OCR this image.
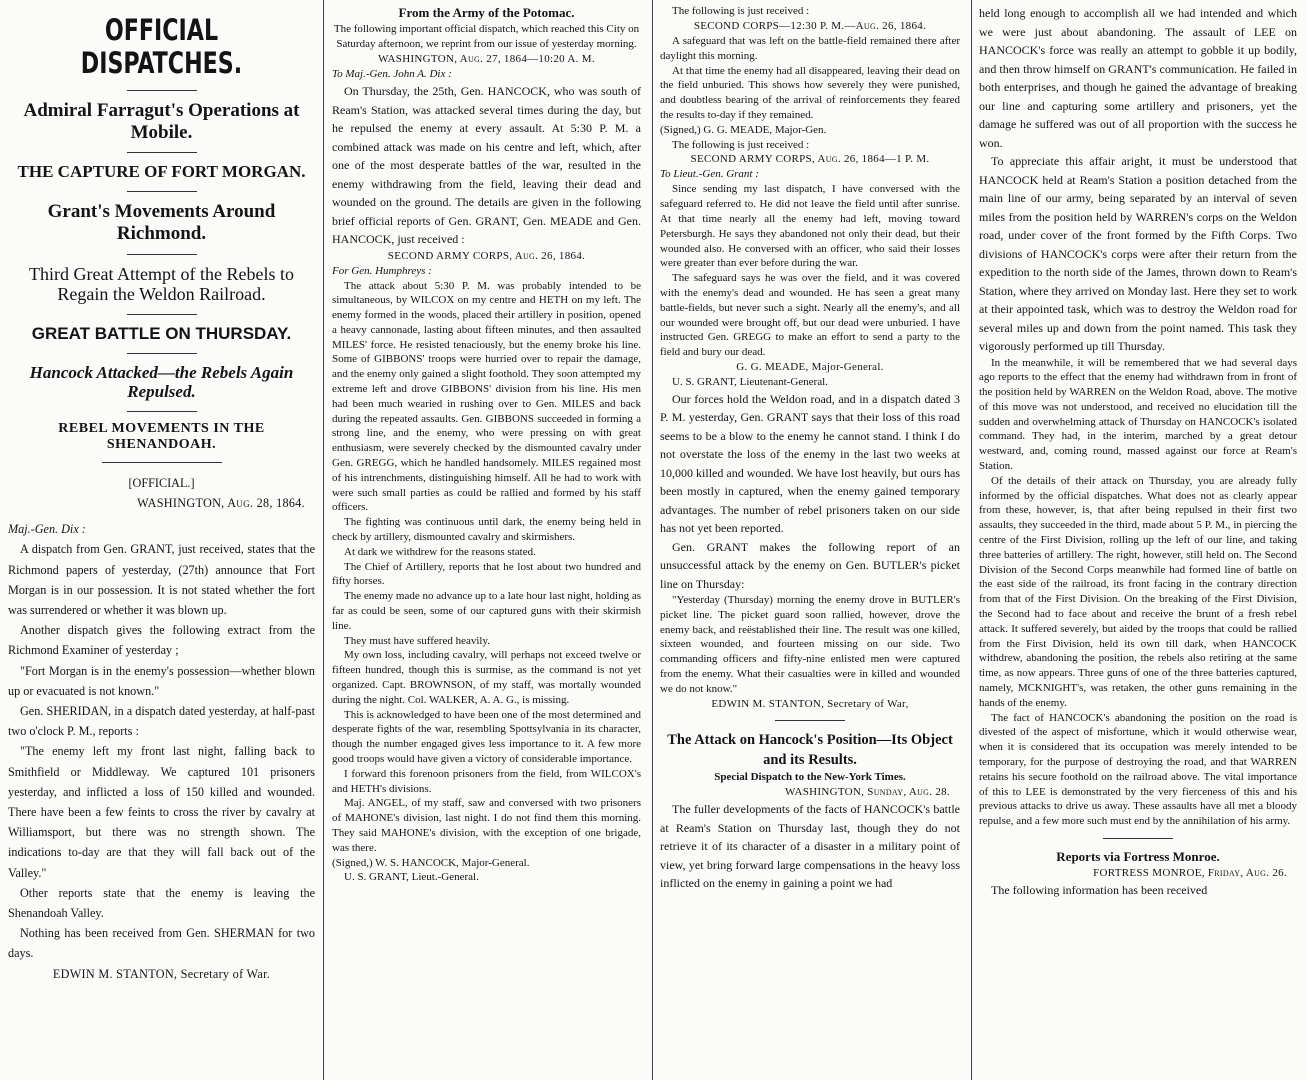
OFFICIAL DISPATCHES.
Admiral Farragut's Operations at Mobile.
THE CAPTURE OF FORT MORGAN.
Grant's Movements Around Richmond.
Third Great Attempt of the Rebels to Regain the Weldon Railroad.
GREAT BATTLE ON THURSDAY.
Hancock Attacked—the Rebels Again Repulsed.
REBEL MOVEMENTS IN THE SHENANDOAH.

[OFFICIAL.]

WASHINGTON, Aug. 28, 1864.

Maj.-Gen. Dix :

A dispatch from Gen. GRANT, just received, states that the Richmond papers of yesterday, (27th) announce that Fort Morgan is in our possession. It is not stated whether the fort was surrendered or whether it was blown up.

Another dispatch gives the following extract from the Richmond Examiner of yesterday ;

"Fort Morgan is in the enemy's possession—whether blown up or evacuated is not known."

Gen. SHERIDAN, in a dispatch dated yesterday, at half-past two o'clock P. M., reports :

"The enemy left my front last night, falling back to Smithfield or Middleway. We captured 101 prisoners yesterday, and inflicted a loss of 150 killed and wounded. There have been a few feints to cross the river by cavalry at Williamsport, but there was no strength shown. The indications to-day are that they will fall back out of the Valley."

Other reports state that the enemy is leaving the Shenandoah Valley.

Nothing has been received from Gen. SHERMAN for two days.

EDWIN M. STANTON, Secretary of War.

From the Army of the Potomac.

The following important official dispatch, which reached this City on Saturday afternoon, we reprint from our issue of yesterday morning.

WASHINGTON, Aug. 27, 1864—10:20 A. M.

To Maj.-Gen. John A. Dix :

On Thursday, the 25th, Gen. HANCOCK, who was south of Ream's Station, was attacked several times during the day, but he repulsed the enemy at every assault. At 5:30 P. M. a combined attack was made on his centre and left, which, after one of the most desperate battles of the war, resulted in the enemy withdrawing from the field, leaving their dead and wounded on the ground. The details are given in the following brief official reports of Gen. GRANT, Gen. MEADE and Gen. HANCOCK, just received :

SECOND ARMY CORPS, Aug. 26, 1864.

For Gen. Humphreys :

The attack about 5:30 P. M. was probably intended to be simultaneous, by WILCOX on my centre and HETH on my left. The enemy formed in the woods, placed their artillery in position, opened a heavy cannonade, lasting about fifteen minutes, and then assaulted MILES' force. He resisted tenaciously, but the enemy broke his line. Some of GIBBONS' troops were hurried over to repair the damage, and the enemy only gained a slight foothold. They soon attempted my extreme left and drove GIBBONS' division from his line. His men had been much wearied in rushing over to Gen. MILES and back during the repeated assaults. Gen. GIBBONS succeeded in forming a strong line, and the enemy, who were pressing on with great enthusiasm, were severely checked by the dismounted cavalry under Gen. GREGG, which he handled handsomely. MILES regained most of his intrenchments, distinguishing himself. All he had to work with were such small parties as could be rallied and formed by his staff officers.

The fighting was continuous until dark, the enemy being held in check by artillery, dismounted cavalry and skirmishers.

At dark we withdrew for the reasons stated.

The Chief of Artillery, reports that he lost about two hundred and fifty horses.

The enemy made no advance up to a late hour last night, holding as far as could be seen, some of our captured guns with their skirmish line.

They must have suffered heavily.

My own loss, including cavalry, will perhaps not exceed twelve or fifteen hundred, though this is surmise, as the command is not yet organized. Capt. BROWNSON, of my staff, was mortally wounded during the night. Col. WALKER, A. A. G., is missing.

This is acknowledged to have been one of the most determined and desperate fights of the war, resembling Spottsylvania in its character, though the number engaged gives less importance to it. A few more good troops would have given a victory of considerable importance.

I forward this forenoon prisoners from the field, from WILCOX's and HETH's divisions.

Maj. ANGEL, of my staff, saw and conversed with two prisoners of MAHONE's division, last night. I do not find them this morning. They said MAHONE's division, with the exception of one brigade, was there.

(Signed,) W. S. HANCOCK, Major-General.

U. S. GRANT, Lieut.-General.

The following is just received :

SECOND CORPS—12:30 P. M.—Aug. 26, 1864.

A safeguard that was left on the battle-field remained there after daylight this morning.

At that time the enemy had all disappeared, leaving their dead on the field unburied. This shows how severely they were punished, and doubtless bearing of the arrival of reinforcements they feared the results to-day if they remained.

(Signed,) G. G. MEADE, Major-Gen.

The following is just received :

SECOND ARMY CORPS, Aug. 26, 1864—1 P. M.

To Lieut.-Gen. Grant :

Since sending my last dispatch, I have conversed with the safeguard referred to. He did not leave the field until after sunrise. At that time nearly all the enemy had left, moving toward Petersburgh. He says they abandoned not only their dead, but their wounded also. He conversed with an officer, who said their losses were greater than ever before during the war.

The safeguard says he was over the field, and it was covered with the enemy's dead and wounded. He has seen a great many battle-fields, but never such a sight. Nearly all the enemy's, and all our wounded were brought off, but our dead were unburied. I have instructed Gen. GREGG to make an effort to send a party to the field and bury our dead.

G. G. MEADE, Major-General.

U. S. GRANT, Lieutenant-General.

Our forces hold the Weldon road, and in a dispatch dated 3 P. M. yesterday, Gen. GRANT says that their loss of this road seems to be a blow to the enemy he cannot stand. I think I do not overstate the loss of the enemy in the last two weeks at 10,000 killed and wounded. We have lost heavily, but ours has been mostly in captured, when the enemy gained temporary advantages. The number of rebel prisoners taken on our side has not yet been reported.

Gen. GRANT makes the following report of an unsuccessful attack by the enemy on Gen. BUTLER's picket line on Thursday:

"Yesterday (Thursday) morning the enemy drove in BUTLER's picket line. The picket guard soon rallied, however, drove the enemy back, and reëstablished their line. The result was one killed, sixteen wounded, and fourteen missing on our side. Two commanding officers and fifty-nine enlisted men were captured from the enemy. What their casualties were in killed and wounded we do not know."

EDWIN M. STANTON, Secretary of War,

The Attack on Hancock's Position—Its Object and its Results.

Special Dispatch to the New-York Times.

WASHINGTON, Sunday, Aug. 28.

The fuller developments of the facts of HANCOCK's battle at Ream's Station on Thursday last, though they do not retrieve it of its character of a disaster in a military point of view, yet bring forward large compensations in the heavy loss inflicted on the enemy in gaining a point we had

held long enough to accomplish all we had intended and which we were just about abandoning. The assault of LEE on HANCOCK's force was really an attempt to gobble it up bodily, and then throw himself on GRANT's communication. He failed in both enterprises, and though he gained the advantage of breaking our line and capturing some artillery and prisoners, yet the damage he suffered was out of all proportion with the success he won.

To appreciate this affair aright, it must be understood that HANCOCK held at Ream's Station a position detached from the main line of our army, being separated by an interval of seven miles from the position held by WARREN's corps on the Weldon road, under cover of the front formed by the Fifth Corps. Two divisions of HANCOCK's corps were after their return from the expedition to the north side of the James, thrown down to Ream's Station, where they arrived on Monday last. Here they set to work at their appointed task, which was to destroy the Weldon road for several miles up and down from the point named. This task they vigorously performed up till Thursday.

In the meanwhile, it will be remembered that we had several days ago reports to the effect that the enemy had withdrawn from in front of the position held by WARREN on the Weldon Road, above. The motive of this move was not understood, and received no elucidation till the sudden and overwhelming attack of Thursday on HANCOCK's isolated command. They had, in the interim, marched by a great detour westward, and, coming round, massed against our force at Ream's Station.

Of the details of their attack on Thursday, you are already fully informed by the official dispatches. What does not as clearly appear from these, however, is, that after being repulsed in their first two assaults, they succeeded in the third, made about 5 P. M., in piercing the centre of the First Division, rolling up the left of our line, and taking three batteries of artillery. The right, however, still held on. The Second Division of the Second Corps meanwhile had formed line of battle on the east side of the railroad, its front facing in the contrary direction from that of the First Division. On the breaking of the First Division, the Second had to face about and receive the brunt of a fresh rebel attack. It suffered severely, but aided by the troops that could be rallied from the First Division, held its own till dark, when HANCOCK withdrew, abandoning the position, the rebels also retiring at the same time, as now appears. Three guns of one of the three batteries captured, namely, MCKNIGHT's, was retaken, the other guns remaining in the hands of the enemy.

The fact of HANCOCK's abandoning the position on the road is divested of the aspect of misfortune, which it would otherwise wear, when it is considered that its occupation was merely intended to be temporary, for the purpose of destroying the road, and that WARREN retains his secure foothold on the railroad above. The vital importance of this to LEE is demonstrated by the very fierceness of this and his previous attacks to drive us away. These assaults have all met a bloody repulse, and a few more such must end by the annihilation of his army.

Reports via Fortress Monroe.

FORTRESS MONROE, Friday, Aug. 26.

The following information has been received
